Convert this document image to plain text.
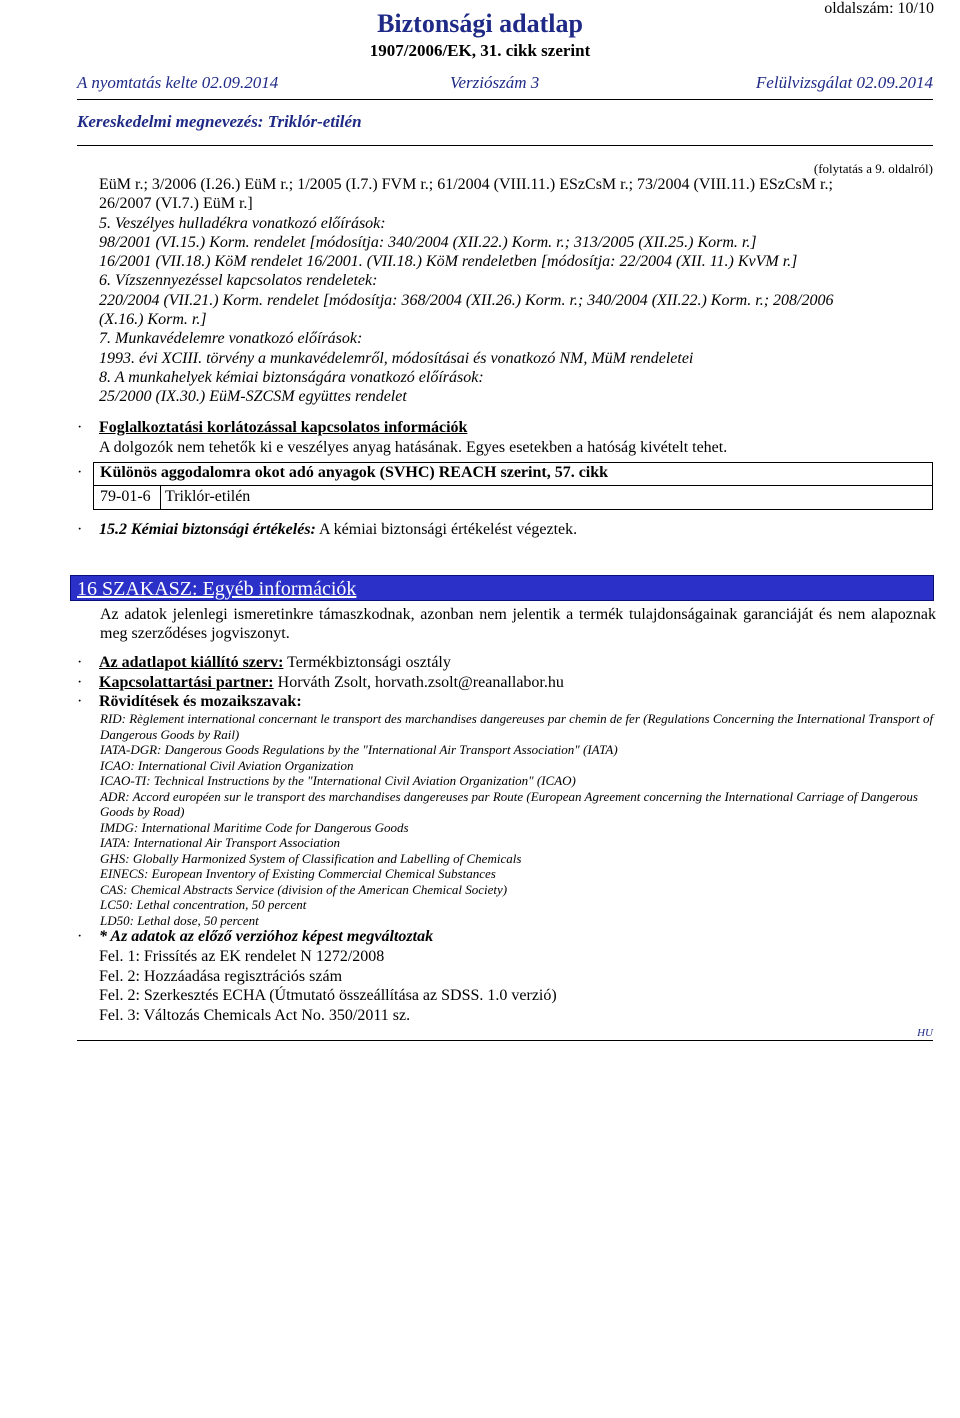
oldalszám: 10/10
Biztonsági adatlap
1907/2006/EK, 31. cikk szerint
A nyomtatás kelte 02.09.2014	Verziószám 3	Felülvizsgálat 02.09.2014
Kereskedelmi megnevezés: Triklór-etilén
(folytatás a 9. oldalról)
EüM r.; 3/2006 (I.26.) EüM r.; 1/2005 (I.7.) FVM r.; 61/2004 (VIII.11.) ESzCsM r.; 73/2004 (VIII.11.) ESzCsM r.;
26/2007 (VI.7.) EüM r.]
5. Veszélyes hulladékra vonatkozó előírások:
98/2001 (VI.15.) Korm. rendelet [módosítja: 340/2004 (XII.22.) Korm. r.; 313/2005 (XII.25.) Korm. r.]
16/2001 (VII.18.) KöM rendelet 16/2001. (VII.18.) KöM rendeletben [módosítja: 22/2004 (XII. 11.) KvVM r.]
6. Vízszennyezéssel kapcsolatos rendeletek:
220/2004 (VII.21.) Korm. rendelet [módosítja: 368/2004 (XII.26.) Korm. r.; 340/2004 (XII.22.) Korm. r.; 208/2006
(X.16.) Korm. r.]
7. Munkavédelemre vonatkozó előírások:
1993. évi XCIII. törvény a munkavédelemről, módosításai és vonatkozó NM, MüM rendeletei
8. A munkahelyek kémiai biztonságára vonatkozó előírások:
25/2000 (IX.30.) EüM-SZCSM együttes rendelet
· Foglalkoztatási korlátozással kapcsolatos információk
A dolgozók nem tehetők ki e veszélyes anyag hatásának. Egyes esetekben a hatóság kivételt tehet.
· Különös aggodalomra okot adó anyagok (SVHC) REACH szerint, 57. cikk
79-01-6 Triklór-etilén
· 15.2 Kémiai biztonsági értékelés: A kémiai biztonsági értékelést végeztek.
16 SZAKASZ: Egyéb információk
Az adatok jelenlegi ismeretinkre támaszkodnak, azonban nem jelentik a termék tulajdonságainak garanciáját és nem alapoznak meg szerződéses jogviszonyt.
· Az adatlapot kiállító szerv: Termékbiztonsági osztály
· Kapcsolattartási partner: Horváth Zsolt, horvath.zsolt@reanallabor.hu
· Rövidítések és mozaikszavak:
RID: Règlement international concernant le transport des marchandises dangereuses par chemin de fer (Regulations Concerning the International Transport of Dangerous Goods by Rail)
IATA-DGR: Dangerous Goods Regulations by the "International Air Transport Association" (IATA)
ICAO: International Civil Aviation Organization
ICAO-TI: Technical Instructions by the "International Civil Aviation Organization" (ICAO)
ADR: Accord européen sur le transport des marchandises dangereuses par Route (European Agreement concerning the International Carriage of Dangerous Goods by Road)
IMDG: International Maritime Code for Dangerous Goods
IATA: International Air Transport Association
GHS: Globally Harmonized System of Classification and Labelling of Chemicals
EINECS: European Inventory of Existing Commercial Chemical Substances
CAS: Chemical Abstracts Service (division of the American Chemical Society)
LC50: Lethal concentration, 50 percent
LD50: Lethal dose, 50 percent
· * Az adatok az előző verzióhoz képest megváltoztak
Fel. 1: Frissítés az EK rendelet N 1272/2008
Fel. 2: Hozzáadása regisztrációs szám
Fel. 2: Szerkesztés ECHA (Útmutató összeállítása az SDSS. 1.0 verzió)
Fel. 3: Változás Chemicals Act No. 350/2011 sz.
HU
